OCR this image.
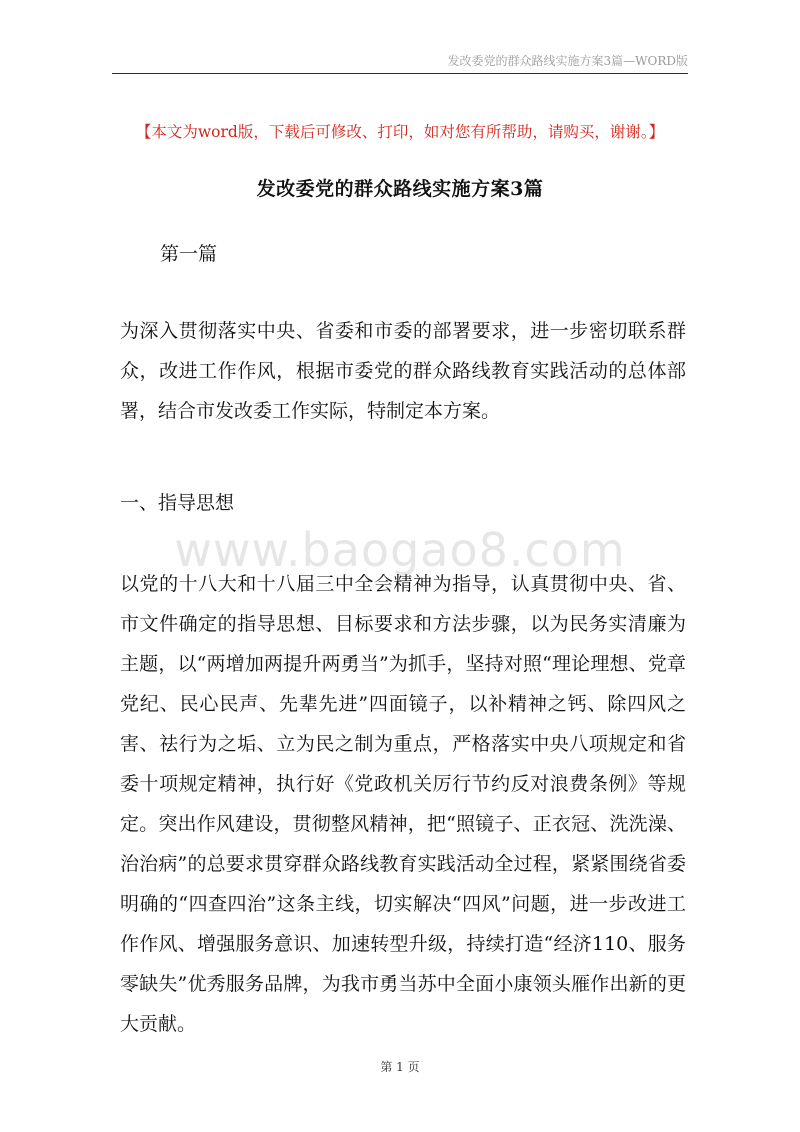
发改委党的群众路线实施方案3篇—WORD版
【本文为word版，下载后可修改、打印，如对您有所帮助，请购买，谢谢。】
发改委党的群众路线实施方案3篇
第一篇

为深入贯彻落实中央、省委和市委的部署要求，进一步密切联系群众，改进工作作风，根据市委党的群众路线教育实践活动的总体部署，结合市发改委工作实际，特制定本方案。

一、指导思想
www.baogao8.com

以党的十八大和十八届三中全会精神为指导，认真贯彻中央、省、市文件确定的指导思想、目标要求和方法步骤，以为民务实清廉为主题，以“两增加两提升两勇当”为抓手，坚持对照“理论理想、党章党纪、民心民声、先辈先进”四面镜子，以补精神之钙、除四风之害、祛行为之垢、立为民之制为重点，严格落实中央八项规定和省委十项规定精神，执行好《党政机关厉行节约反对浪费条例》等规定。突出作风建设，贯彻整风精神，把“照镜子、正衣冠、洗洗澡、治治病”的总要求贯穿群众路线教育实践活动全过程，紧紧围绕省委明确的“四查四治”这条主线，切实解决“四风”问题，进一步改进工作作风、增强服务意识、加速转型升级，持续打造“经济110、服务零缺失”优秀服务品牌，为我市勇当苏中全面小康领头雁作出新的更大贡献。

第 1 页
